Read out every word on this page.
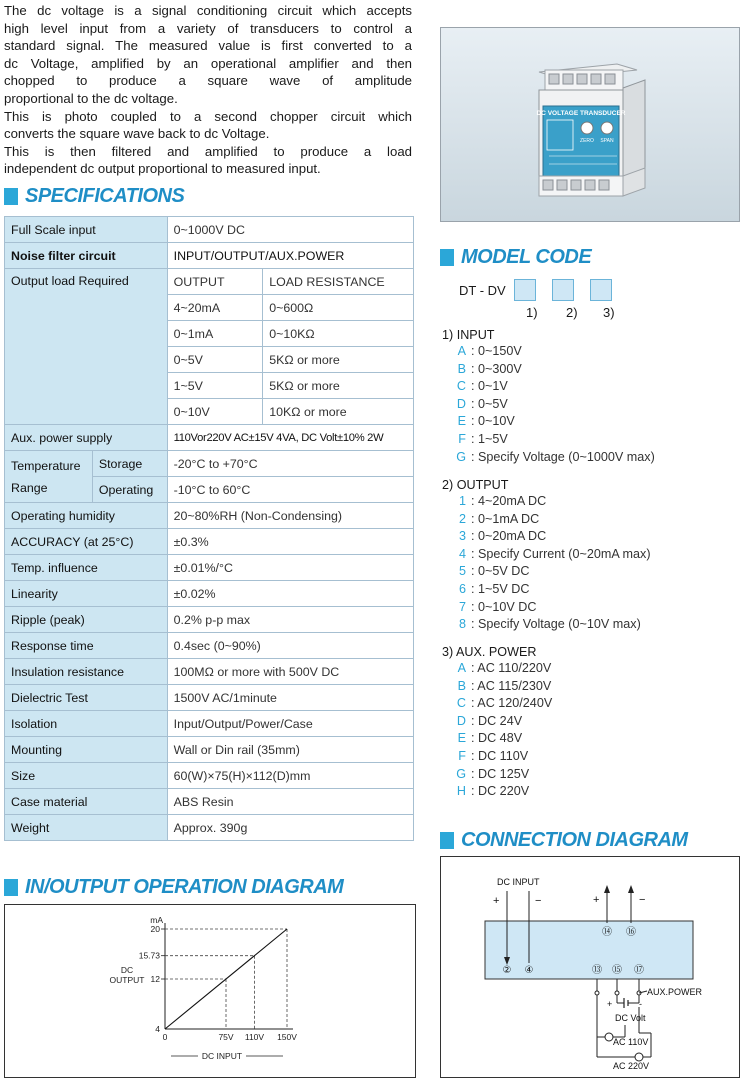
The dc voltage is a signal conditioning circuit which accepts
high level input from a variety of transducers to control a
standard signal. The measured value is first converted to a
dc Voltage, amplified by an operational amplifier and then
chopped to produce a square wave of amplitude
proportional to the dc voltage.
This is photo coupled to a second chopper circuit which
converts the square wave back to dc Voltage.
This is then filtered and amplified to produce a load
independent dc output proportional to measured input.
SPECIFICATIONS
Full Scale input		0~1000V DC	
Noise filter circuit		INPUT/OUTPUT/AUX.POWER	
Output load Required		OUTPUT	LOAD RESISTANCE
		4~20mA	0~600Ω
		0~1mA	0~10KΩ
		0~5V	5KΩ or more
		1~5V	5KΩ or more
		0~10V	10KΩ or more
Aux. power supply		110Vor220V AC±15V 4VA, DC Volt±10% 2W	
Temperature
Range	Storage	-20°C to +70°C	
	Operating	-10°C to 60°C	
Operating humidity		20~80%RH (Non-Condensing)	
ACCURACY (at 25°C)		±0.3%	
Temp. influence		±0.01%/°C	
Linearity		±0.02%	
Ripple (peak)		0.2% p-p max	
Response time		0.4sec (0~90%)	
Insulation resistance		100MΩ or more with 500V DC	
Dielectric Test		1500V AC/1minute	
Isolation		Input/Output/Power/Case	
Mounting		Wall or Din rail (35mm)	
Size		60(W)×75(H)×112(D)mm	
Case material		ABS Resin	
Weight		Approx. 390g	
DC VOLTAGE TRANSDUCER
ZERO SPAN
MODEL CODE
DT - DV
1) 2) 3)
1) INPUT
A : 0~150V
B : 0~300V
C : 0~1V
D : 0~5V
E : 0~10V
F : 1~5V
G : Specify Voltage (0~1000V max)
2) OUTPUT
1 : 4~20mA DC
2 : 0~1mA DC
3 : 0~20mA DC
4 : Specify Current (0~20mA max)
5 : 0~5V DC
6 : 1~5V DC
7 : 0~10V DC
8 : Specify Voltage (0~10V max)
3) AUX. POWER
A : AC 110/220V
B : AC 115/230V
C : AC 120/240V
D : DC 24V
E : DC 48V
F : DC 110V
G : DC 125V
H : DC 220V
CONNECTION DIAGRAM
IN/OUTPUT OPERATION DIAGRAM
mA
DC
OUTPUT
DC INPUT
4
12
15.73
20
0	75V 110V 150V
DC INPUT
+	−
② ④
+	−
⑭ ⑯
⑬ ⑮ ⑰
AUX.POWER
+	-
DC Volt
AC 110V
AC 220V
